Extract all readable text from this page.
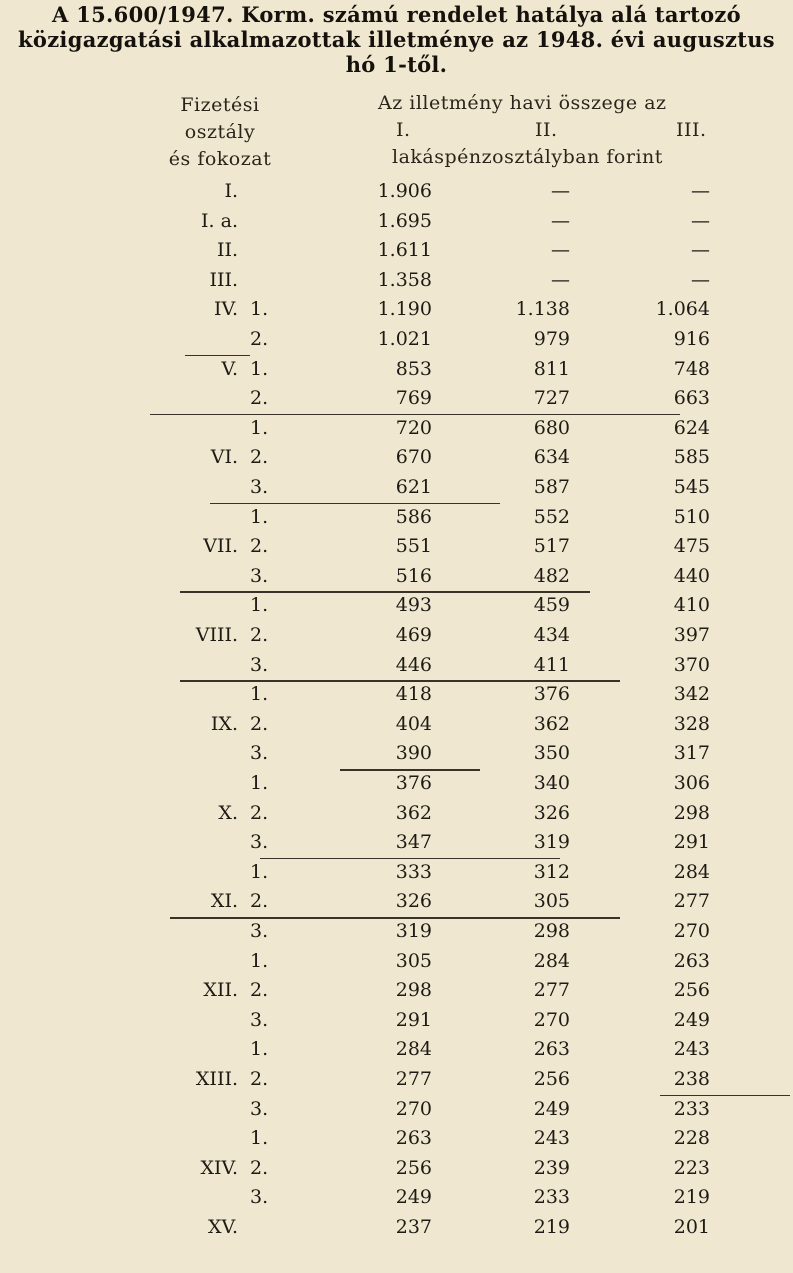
A 15.600/1947. Korm. számú rendelet hatálya alá tartozó
közigazgatási alkalmazottak illetménye az 1948. évi augusztus
hó 1-től.
Fizetési
osztály
és fokozat
Az illetmény havi összege az
I.	II.	III.
lakáspénzosztályban forint
I.	1.906	—	—
I. a.	1.695	—	—
II.	1.611	—	—
III.	1.358	—	—
IV. 1.	1.190	1.138	1.064
2.	1.021	979	916
V. 1.	853	811	748
2.	769	727	663
1.	720	680	624
VI. 2.	670	634	585
3.	621	587	545
1.	586	552	510
VII. 2.	551	517	475
3.	516	482	440
1.	493	459	410
VIII. 2.	469	434	397
3.	446	411	370
1.	418	376	342
IX. 2.	404	362	328
3.	390	350	317
1.	376	340	306
X. 2.	362	326	298
3.	347	319	291
1.	333	312	284
XI. 2.	326	305	277
3.	319	298	270
1.	305	284	263
XII. 2.	298	277	256
3.	291	270	249
1.	284	263	243
XIII. 2.	277	256	238
3.	270	249	233
1.	263	243	228
XIV. 2.	256	239	223
3.	249	233	219
XV.	237	219	201
